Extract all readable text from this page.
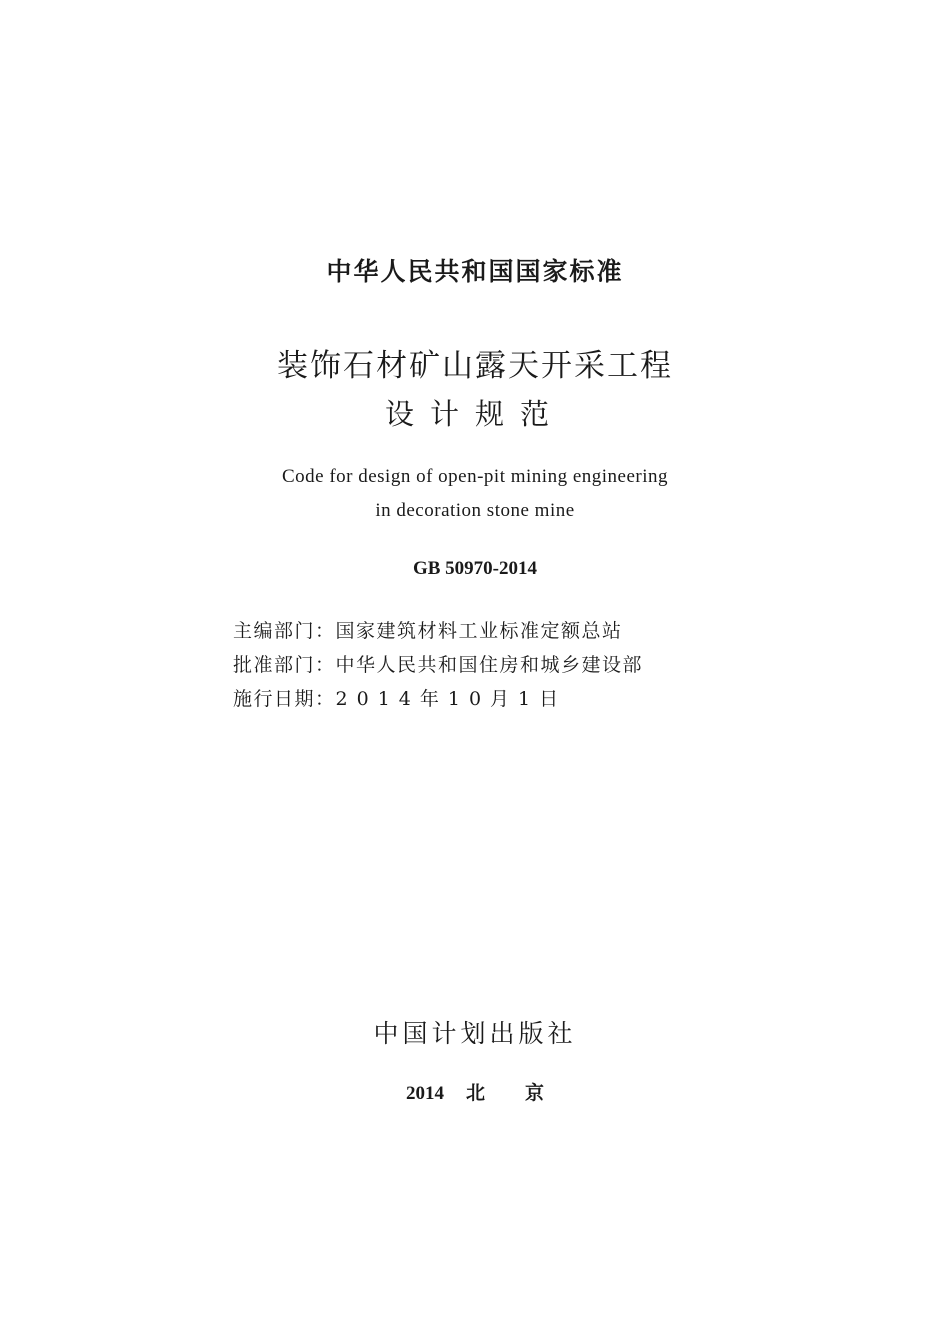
中华人民共和国国家标准
装饰石材矿山露天开采工程
设计规范
Code for design of open-pit mining engineering
in decoration stone mine
GB 50970-2014
主编部门：国家建筑材料工业标准定额总站
批准部门：中华人民共和国住房和城乡建设部
施行日期：2014年10月1日
中国计划出版社
2014 北 京
